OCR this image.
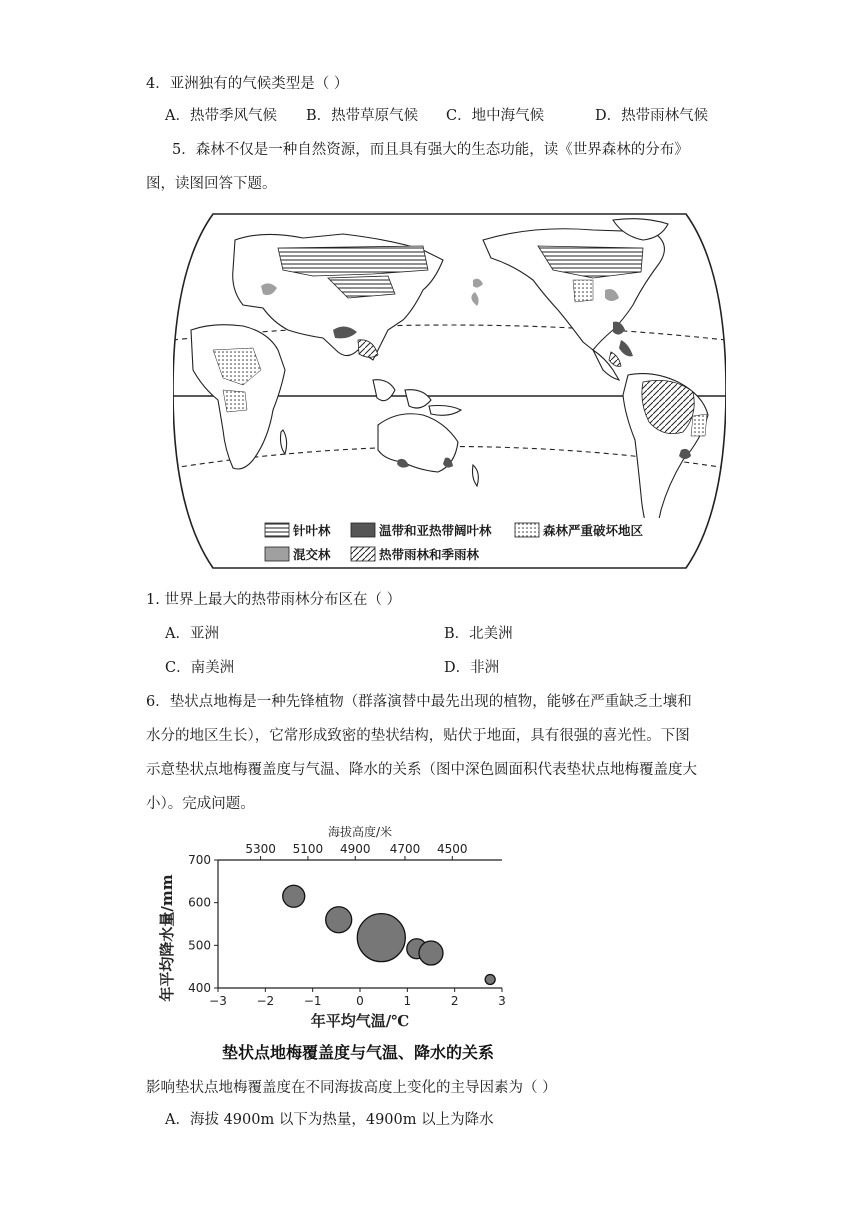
4．亚洲独有的气候类型是（ ）
A．热带季风气候 B．热带草原气候 C．地中海气候	D．热带雨林气候
5．森林不仅是一种自然资源，而且具有强大的生态功能，读《世界森林的分布》
图，读图回答下题。
针叶林	温带和亚热带阔叶林	森林严重破坏地区
混交林	热带雨林和季雨林
1. 世界上最大的热带雨林分布区在（ ）
A．亚洲	B．北美洲
C．南美洲	D．非洲
6．垫状点地梅是一种先锋植物（群落演替中最先出现的植物，能够在严重缺乏土壤和
水分的地区生长），它常形成致密的垫状结构，贴伏于地面，具有很强的喜光性。下图
示意垫状点地梅覆盖度与气温、降水的关系（图中深色圆面积代表垫状点地梅覆盖度大
小）。完成问题。
海拔高度/米
年平均降水量/mm
年平均气温/℃
垫状点地梅覆盖度与气温、降水的关系
400
500
600
700
−3 −2 −1	0	1	2	3
5300 5100 4900 4700 4500
影响垫状点地梅覆盖度在不同海拔高度上变化的主导因素为（ ）
A．海拔 4900m 以下为热量，4900m 以上为降水
